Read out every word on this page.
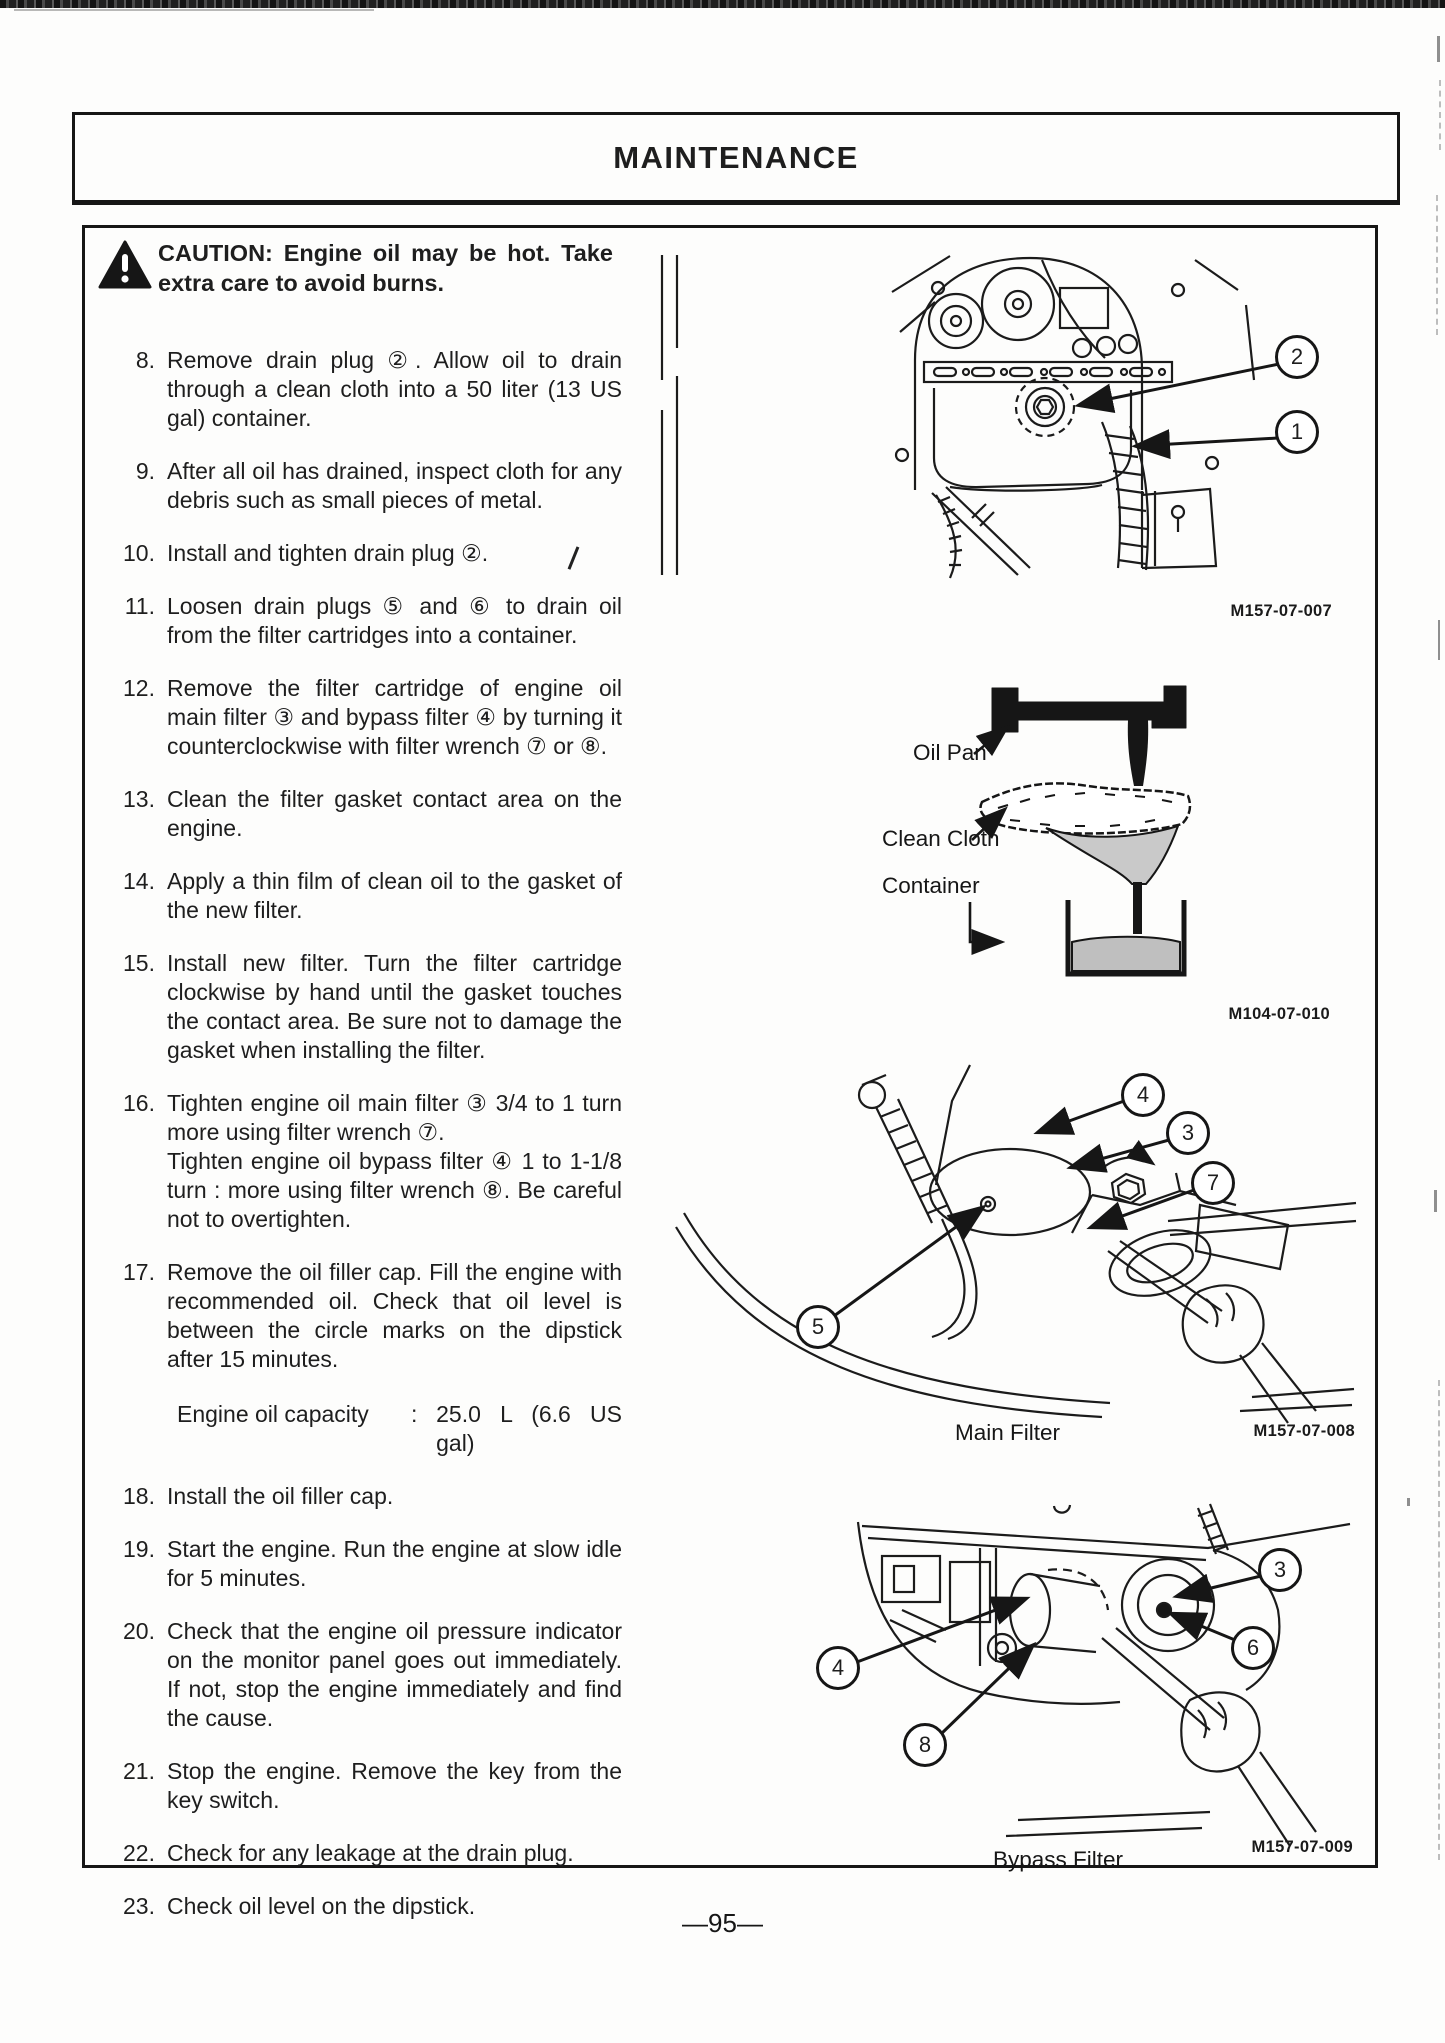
MAINTENANCE
CAUTION: Engine oil may be hot. Take extra care to avoid burns.
8. Remove drain plug ②. Allow oil to drain through a clean cloth into a 50 liter (13 US gal) container.
9. After all oil has drained, inspect cloth for any debris such as small pieces of metal.
10. Install and tighten drain plug ②.
11. Loosen drain plugs ⑤ and ⑥ to drain oil from the filter cartridges into a container.
12. Remove the filter cartridge of engine oil main filter ③ and bypass filter ④ by turning it counterclockwise with filter wrench ⑦ or ⑧.
13. Clean the filter gasket contact area on the engine.
14. Apply a thin film of clean oil to the gasket of the new filter.
15. Install new filter. Turn the filter cartridge clockwise by hand until the gasket touches the contact area. Be sure not to damage the gasket when installing the filter.
16. Tighten engine oil main filter ③ 3/4 to 1 turn more using filter wrench ⑦.
Tighten engine oil bypass filter ④ 1 to 1-1/8 turn : more using filter wrench ⑧. Be careful not to overtighten.
17. Remove the oil filler cap. Fill the engine with recommended oil. Check that oil level is between the circle marks on the dipstick after 15 minutes.
Engine oil capacity	: 25.0 L (6.6 US gal)
18. Install the oil filler cap.
19. Start the engine. Run the engine at slow idle for 5 minutes.
20. Check that the engine oil pressure indicator on the monitor panel goes out immediately. If not, stop the engine immediately and find the cause.
21. Stop the engine. Remove the key from the key switch.
22. Check for any leakage at the drain plug.
23. Check oil level on the dipstick.
2
1
M157-07-007
Oil Pan
Clean Cloth
Container
M104-07-010
4
3
7
5
Main Filter	M157-07-008
3
6
4
8
Bypass Filter	M157-07-009
—95—
